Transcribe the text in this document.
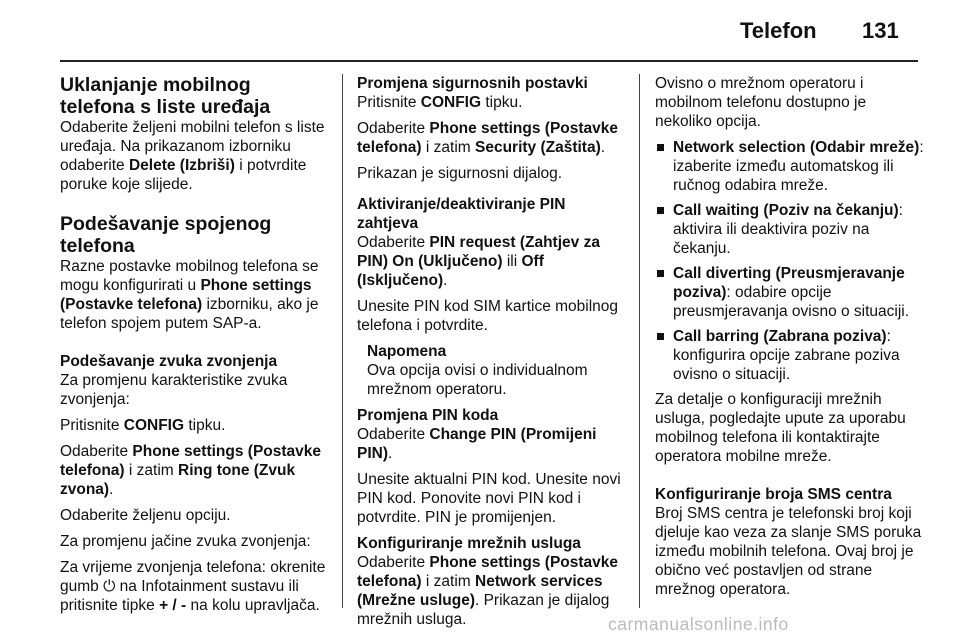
Telefon 131
Uklanjanje mobilnog telefona s liste uređaja

Odaberite željeni mobilni telefon s liste uređaja. Na prikazanom izborniku odaberite Delete (Izbriši) i potvrdite poruke koje slijede.

Podešavanje spojenog telefona

Razne postavke mobilnog telefona se mogu konfigurirati u Phone settings (Postavke telefona) izborniku, ako je telefon spojem putem SAP-a.

Podešavanje zvuka zvonjenja

Za promjenu karakteristike zvuka zvonjenja:

Pritisnite CONFIG tipku.

Odaberite Phone settings (Postavke telefona) i zatim Ring tone (Zvuk zvona).

Odaberite željenu opciju.

Za promjenu jačine zvuka zvonjenja:

Za vrijeme zvonjenja telefona: okrenite gumb ⏻ na Infotainment sustavu ili pritisnite tipke + / - na kolu upravljača.

Promjena sigurnosnih postavki

Pritisnite CONFIG tipku.

Odaberite Phone settings (Postavke telefona) i zatim Security (Zaštita).

Prikazan je sigurnosni dijalog.

Aktiviranje/deaktiviranje PIN zahtjeva

Odaberite PIN request (Zahtjev za PIN) On (Uključeno) ili Off (Isključeno).

Unesite PIN kod SIM kartice mobilnog telefona i potvrdite.

Napomena

Ova opcija ovisi o individualnom mrežnom operatoru.

Promjena PIN koda

Odaberite Change PIN (Promijeni PIN).

Unesite aktualni PIN kod. Unesite novi PIN kod. Ponovite novi PIN kod i potvrdite. PIN je promijenjen.

Konfiguriranje mrežnih usluga

Odaberite Phone settings (Postavke telefona) i zatim Network services (Mrežne usluge). Prikazan je dijalog mrežnih usluga.

Ovisno o mrežnom operatoru i mobilnom telefonu dostupno je nekoliko opcija.

Network selection (Odabir mreže): izaberite između automatskog ili ručnog odabira mreže.
Call waiting (Poziv na čekanju): aktivira ili deaktivira poziv na čekanju.
Call diverting (Preusmjeravanje poziva): odabire opcije preusmjeravanja ovisno o situaciji.
Call barring (Zabrana poziva): konfigurira opcije zabrane poziva ovisno o situaciji.

Za detalje o konfiguraciji mrežnih usluga, pogledajte upute za uporabu mobilnog telefona ili kontaktirajte operatora mobilne mreže.

Konfiguriranje broja SMS centra

Broj SMS centra je telefonski broj koji djeluje kao veza za slanje SMS poruka između mobilnih telefona. Ovaj broj je obično već postavljen od strane mrežnog operatora.

carmanualsonline.info
